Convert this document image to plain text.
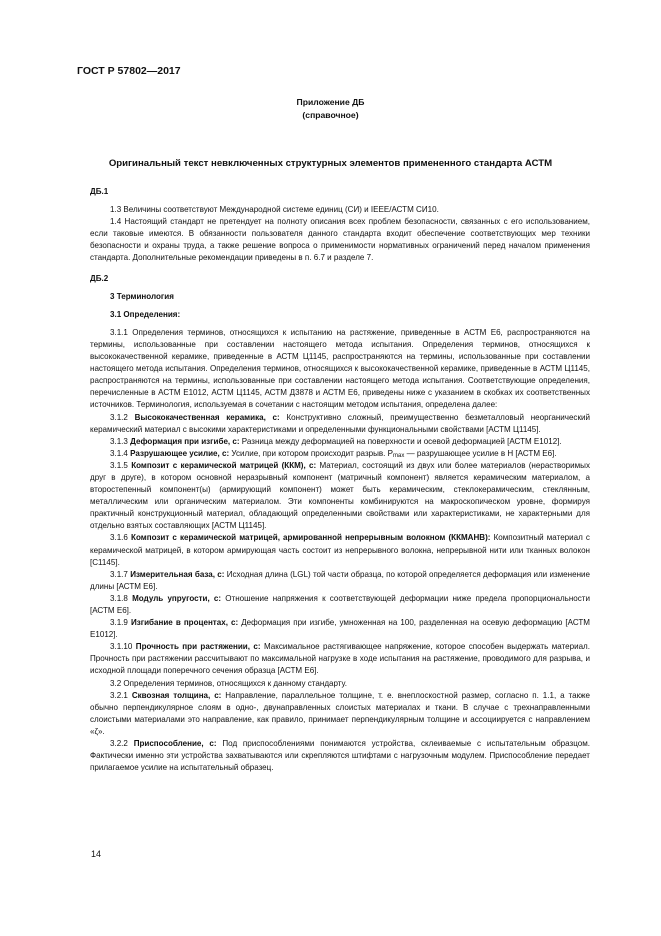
ГОСТ Р 57802—2017
Приложение ДБ
(справочное)
Оригинальный текст невключенных структурных элементов примененного стандарта АСТМ

ДБ.1

1.3 Величины соответствуют Международной системе единиц (СИ) и IEEE/АСТМ СИ10.

1.4 Настоящий стандарт не претендует на полноту описания всех проблем безопасности, связанных с его использованием, если таковые имеются. В обязанности пользователя данного стандарта входит обеспечение соответствующих мер техники безопасности и охраны труда, а также решение вопроса о применимости нормативных ограничений перед началом применения стандарта. Дополнительные рекомендации приведены в п. 6.7 и разделе 7.

ДБ.2

3 Терминология

3.1 Определения:

3.1.1 Определения терминов, относящихся к испытанию на растяжение, приведенные в АСТМ Е6, распространяются на термины, использованные при составлении настоящего метода испытания. Определения терминов, относящихся к высококачественной керамике, приведенные в АСТМ Ц1145, распространяются на термины, использованные при составлении настоящего метода испытания. Определения терминов, относящихся к высококачественной керамике, приведенные в АСТМ Ц1145, распространяются на термины, использованные при составлении настоящего метода испытания. Соответствующие определения, перечисленные в АСТМ Е1012, АСТМ Ц1145, АСТМ Д3878 и АСТМ Е6, приведены ниже с указанием в скобках их соответственных источников. Терминология, используемая в сочетании с настоящим методом испытания, определена далее:

3.1.2 Высококачественная керамика, с: Конструктивно сложный, преимущественно безметалловый неорганический керамический материал с высокими характеристиками и определенными функциональными свойствами [АСТМ Ц1145].

3.1.3 Деформация при изгибе, с: Разница между деформацией на поверхности и осевой деформацией [АСТМ Е1012].

3.1.4 Разрушающее усилие, с: Усилие, при котором происходит разрыв. $P_{max}$ — разрушающее усилие в Н [АСТМ Е6].

3.1.5 Композит с керамической матрицей (ККМ), с: Материал, состоящий из двух или более материалов (нерастворимых друг в друге), в котором основной неразрывный компонент (матричный компонент) является керамическим материалом, а второстепенный компонент(ы) (армирующий компонент) может быть керамическим, стеклокерамическим, стеклянным, металлическим или органическим материалом. Эти компоненты комбинируются на макроскопическом уровне, формируя практичный конструкционный материал, обладающий определенными свойствами или характеристиками, не характерными для отдельно взятых составляющих [АСТМ Ц1145].

3.1.6 Композит с керамической матрицей, армированной непрерывным волокном (ККМАНВ): Композитный материал с керамической матрицей, в котором армирующая часть состоит из непрерывного волокна, непрерывной нити или тканных волокон [C1145].

3.1.7 Измерительная база, с: Исходная длина (LGL) той части образца, по которой определяется деформация или изменение длины [АСТМ Е6].

3.1.8 Модуль упругости, с: Отношение напряжения к соответствующей деформации ниже предела пропорциональности [АСТМ Е6].

3.1.9 Изгибание в процентах, с: Деформация при изгибе, умноженная на 100, разделенная на осевую деформацию [АСТМ Е1012].

3.1.10 Прочность при растяжении, с: Максимальное растягивающее напряжение, которое способен выдержать материал. Прочность при растяжении рассчитывают по максимальной нагрузке в ходе испытания на растяжение, проводимого для разрыва, и исходной площади поперечного сечения образца [АСТМ Е6].

3.2 Определения терминов, относящихся к данному стандарту.

3.2.1 Сквозная толщина, с: Направление, параллельное толщине, т. е. внеплоскостной размер, согласно п. 1.1, а также обычно перпендикулярное слоям в одно-, двунаправленных слоистых материалах и ткани. В случае с трехнаправленными слоистыми материалами это направление, как правило, принимает перпендикулярным толщине и ассоциируется с направлением «ζ».

3.2.2 Приспособление, с: Под приспособлениями понимаются устройства, склеиваемые с испытательным образцом. Фактически именно эти устройства захватываются или скрепляются штифтами с нагрузочным модулем. Приспособление передает прилагаемое усилие на испытательный образец.

14
